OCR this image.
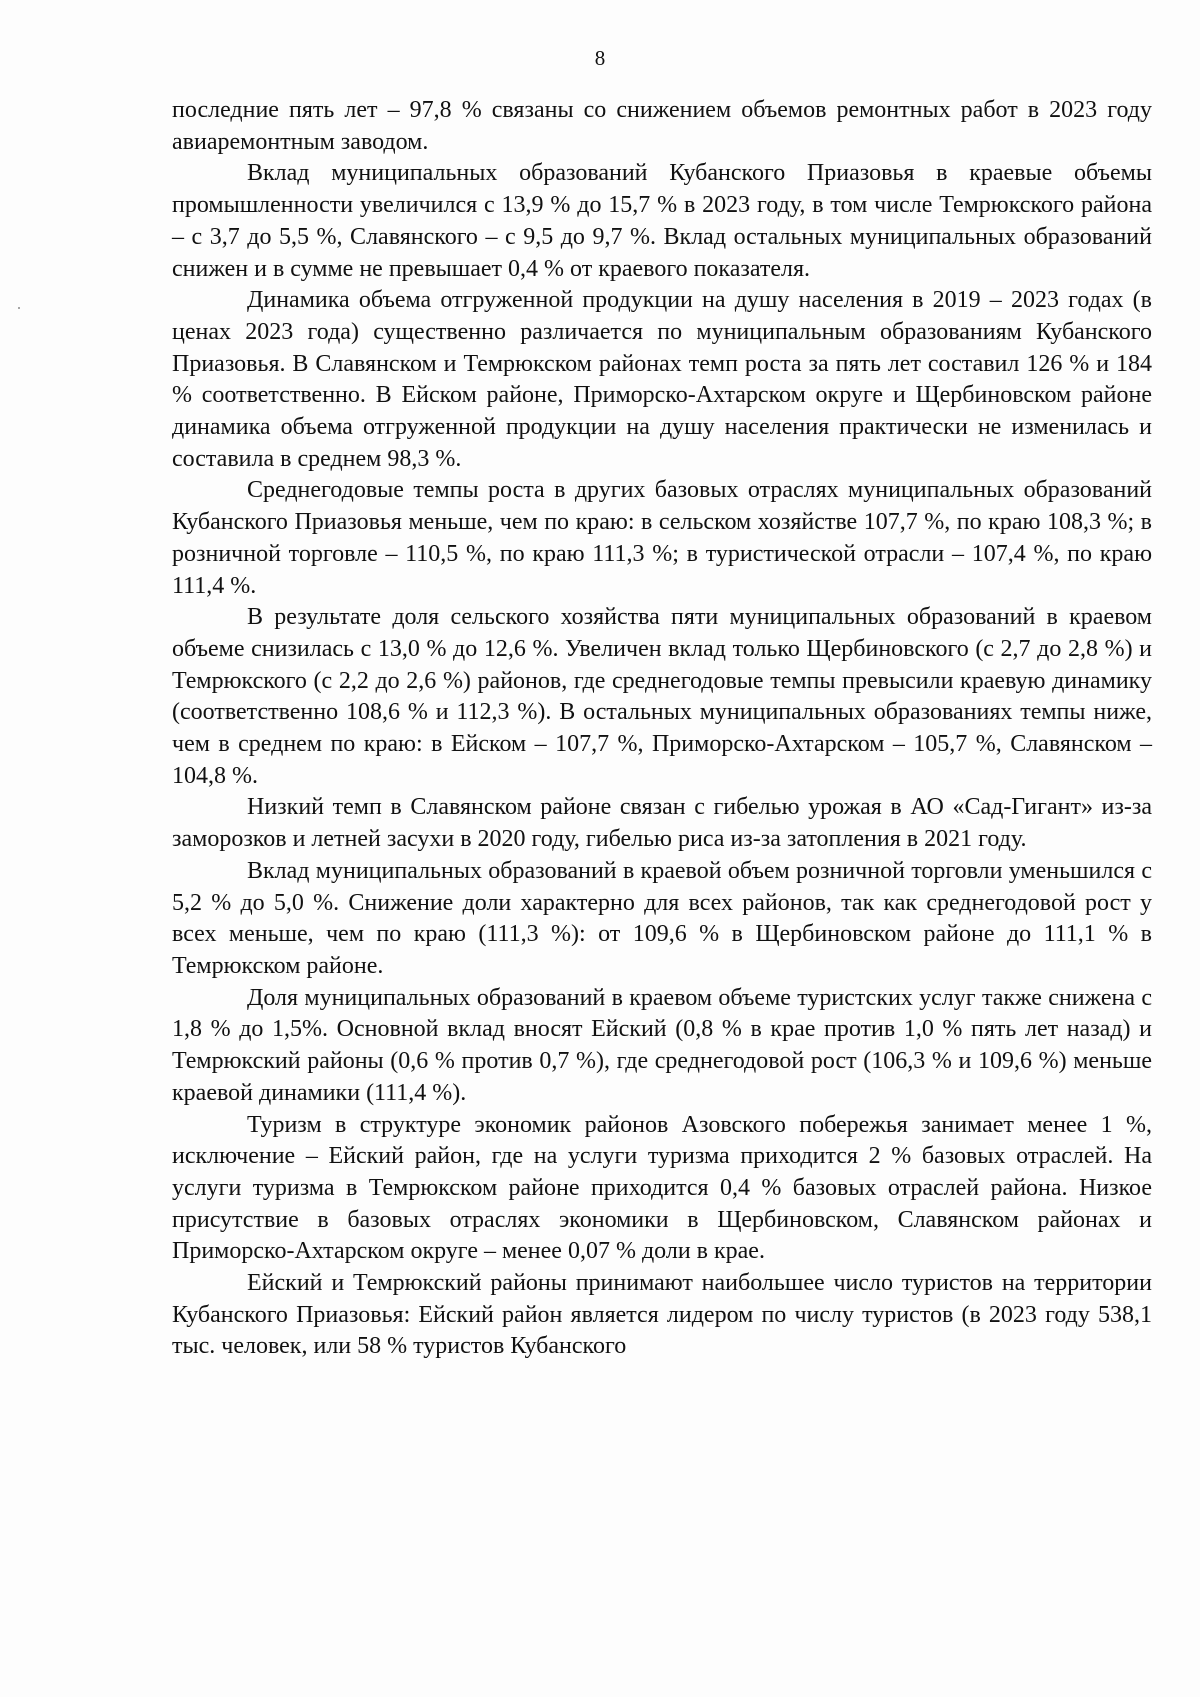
8

последние пять лет – 97,8 % связаны со снижением объемов ремонтных работ в 2023 году авиаремонтным заводом.

Вклад муниципальных образований Кубанского Приазовья в краевые объемы промышленности увеличился с 13,9 % до 15,7 % в 2023 году, в том числе Темрюкского района – с 3,7 до 5,5 %, Славянского – с 9,5 до 9,7 %. Вклад остальных муниципальных образований снижен и в сумме не превышает 0,4 % от краевого показателя.

Динамика объема отгруженной продукции на душу населения в 2019 – 2023 годах (в ценах 2023 года) существенно различается по муниципальным образованиям Кубанского Приазовья. В Славянском и Темрюкском районах темп роста за пять лет составил 126 % и 184 % соответственно. В Ейском районе, Приморско-Ахтарском округе и Щербиновском районе динамика объема отгруженной продукции на душу населения практически не изменилась и составила в среднем 98,3 %.

Среднегодовые темпы роста в других базовых отраслях муниципальных образований Кубанского Приазовья меньше, чем по краю: в сельском хозяйстве 107,7 %, по краю 108,3 %; в розничной торговле – 110,5 %, по краю 111,3 %; в туристической отрасли – 107,4 %, по краю 111,4 %.

В результате доля сельского хозяйства пяти муниципальных образований в краевом объеме снизилась с 13,0 % до 12,6 %. Увеличен вклад только Щербиновского (с 2,7 до 2,8 %) и Темрюкского (с 2,2 до 2,6 %) районов, где среднегодовые темпы превысили краевую динамику (соответственно 108,6 % и 112,3 %). В остальных муниципальных образованиях темпы ниже, чем в среднем по краю: в Ейском – 107,7 %, Приморско-Ахтарском – 105,7 %, Славянском – 104,8 %.

Низкий темп в Славянском районе связан с гибелью урожая в АО «Сад-Гигант» из-за заморозков и летней засухи в 2020 году, гибелью риса из-за затопления в 2021 году.

Вклад муниципальных образований в краевой объем розничной торговли уменьшился с 5,2 % до 5,0 %. Снижение доли характерно для всех районов, так как среднегодовой рост у всех меньше, чем по краю (111,3 %): от 109,6 % в Щербиновском районе до 111,1 % в Темрюкском районе.

Доля муниципальных образований в краевом объеме туристских услуг также снижена с 1,8 % до 1,5%. Основной вклад вносят Ейский (0,8 % в крае против 1,0 % пять лет назад) и Темрюкский районы (0,6 % против 0,7 %), где среднегодовой рост (106,3 % и 109,6 %) меньше краевой динамики (111,4 %).

Туризм в структуре экономик районов Азовского побережья занимает менее 1 %, исключение – Ейский район, где на услуги туризма приходится 2 % базовых отраслей. На услуги туризма в Темрюкском районе приходится 0,4 % базовых отраслей района. Низкое присутствие в базовых отраслях экономики в Щербиновском, Славянском районах и Приморско-Ахтарском округе – менее 0,07 % доли в крае.

Ейский и Темрюкский районы принимают наибольшее число туристов на территории Кубанского Приазовья: Ейский район является лидером по числу туристов (в 2023 году 538,1 тыс. человек, или 58 % туристов Кубанского
